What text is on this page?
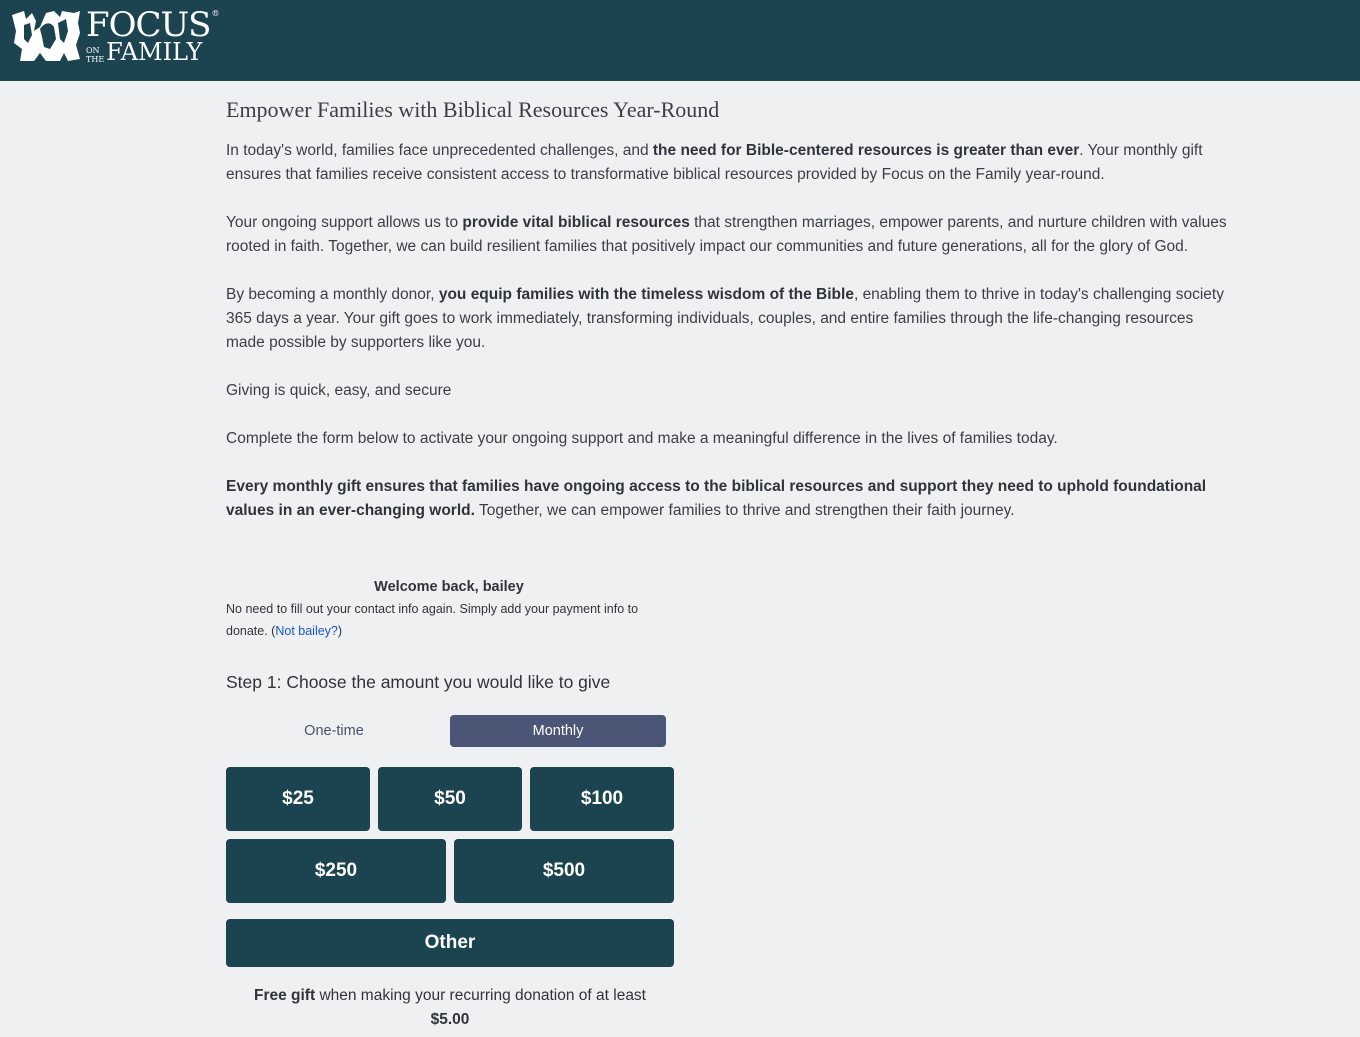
FOCUS ®
ON
THE FAMILY
Empower Families with Biblical Resources Year-Round

In today's world, families face unprecedented challenges, and the need for Bible-centered resources is greater than ever. Your monthly gift ensures that families receive consistent access to transformative biblical resources provided by Focus on the Family year-round.

Your ongoing support allows us to provide vital biblical resources that strengthen marriages, empower parents, and nurture children with values rooted in faith. Together, we can build resilient families that positively impact our communities and future generations, all for the glory of God.

By becoming a monthly donor, you equip families with the timeless wisdom of the Bible, enabling them to thrive in today's challenging society 365 days a year. Your gift goes to work immediately, transforming individuals, couples, and entire families through the life-changing resources made possible by supporters like you.

Giving is quick, easy, and secure

Complete the form below to activate your ongoing support and make a meaningful difference in the lives of families today.

Every monthly gift ensures that families have ongoing access to the biblical resources and support they need to uphold foundational values in an ever-changing world. Together, we can empower families to thrive and strengthen their faith journey.

Welcome back, bailey
No need to fill out your contact info again. Simply add your payment info to donate. (Not bailey?)
Step 1: Choose the amount you would like to give
One-time	Monthly
$25	$50	$100
$250	$500
Other
Free gift when making your recurring donation of at least
$5.00
